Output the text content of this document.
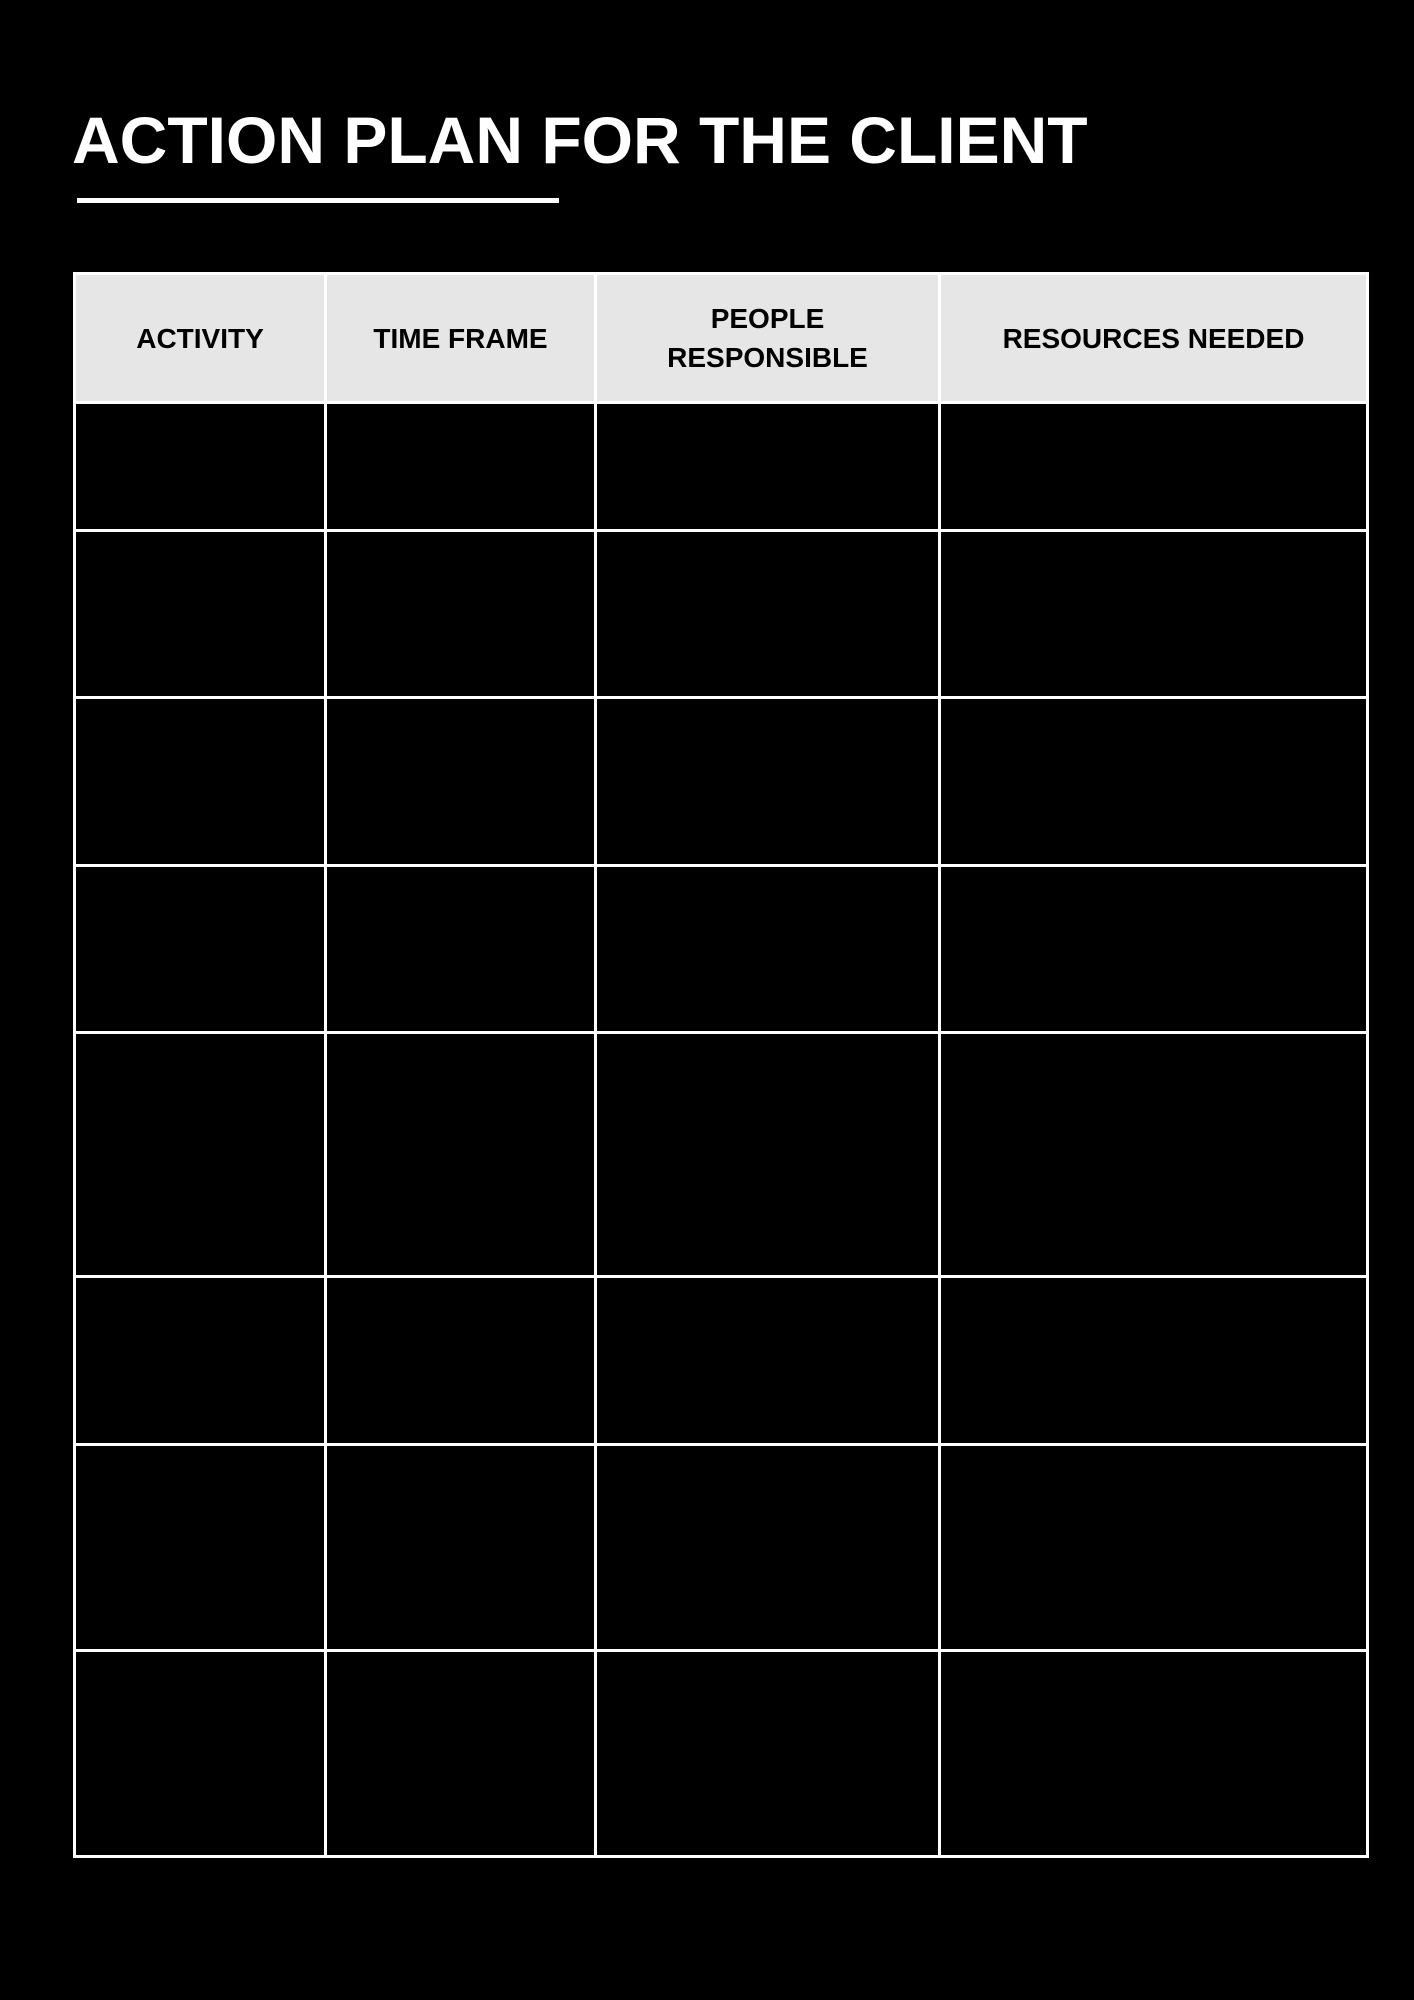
ACTION PLAN FOR THE CLIENT
ACTIVITY	TIME FRAME	PEOPLE RESPONSIBLE	RESOURCES NEEDED
